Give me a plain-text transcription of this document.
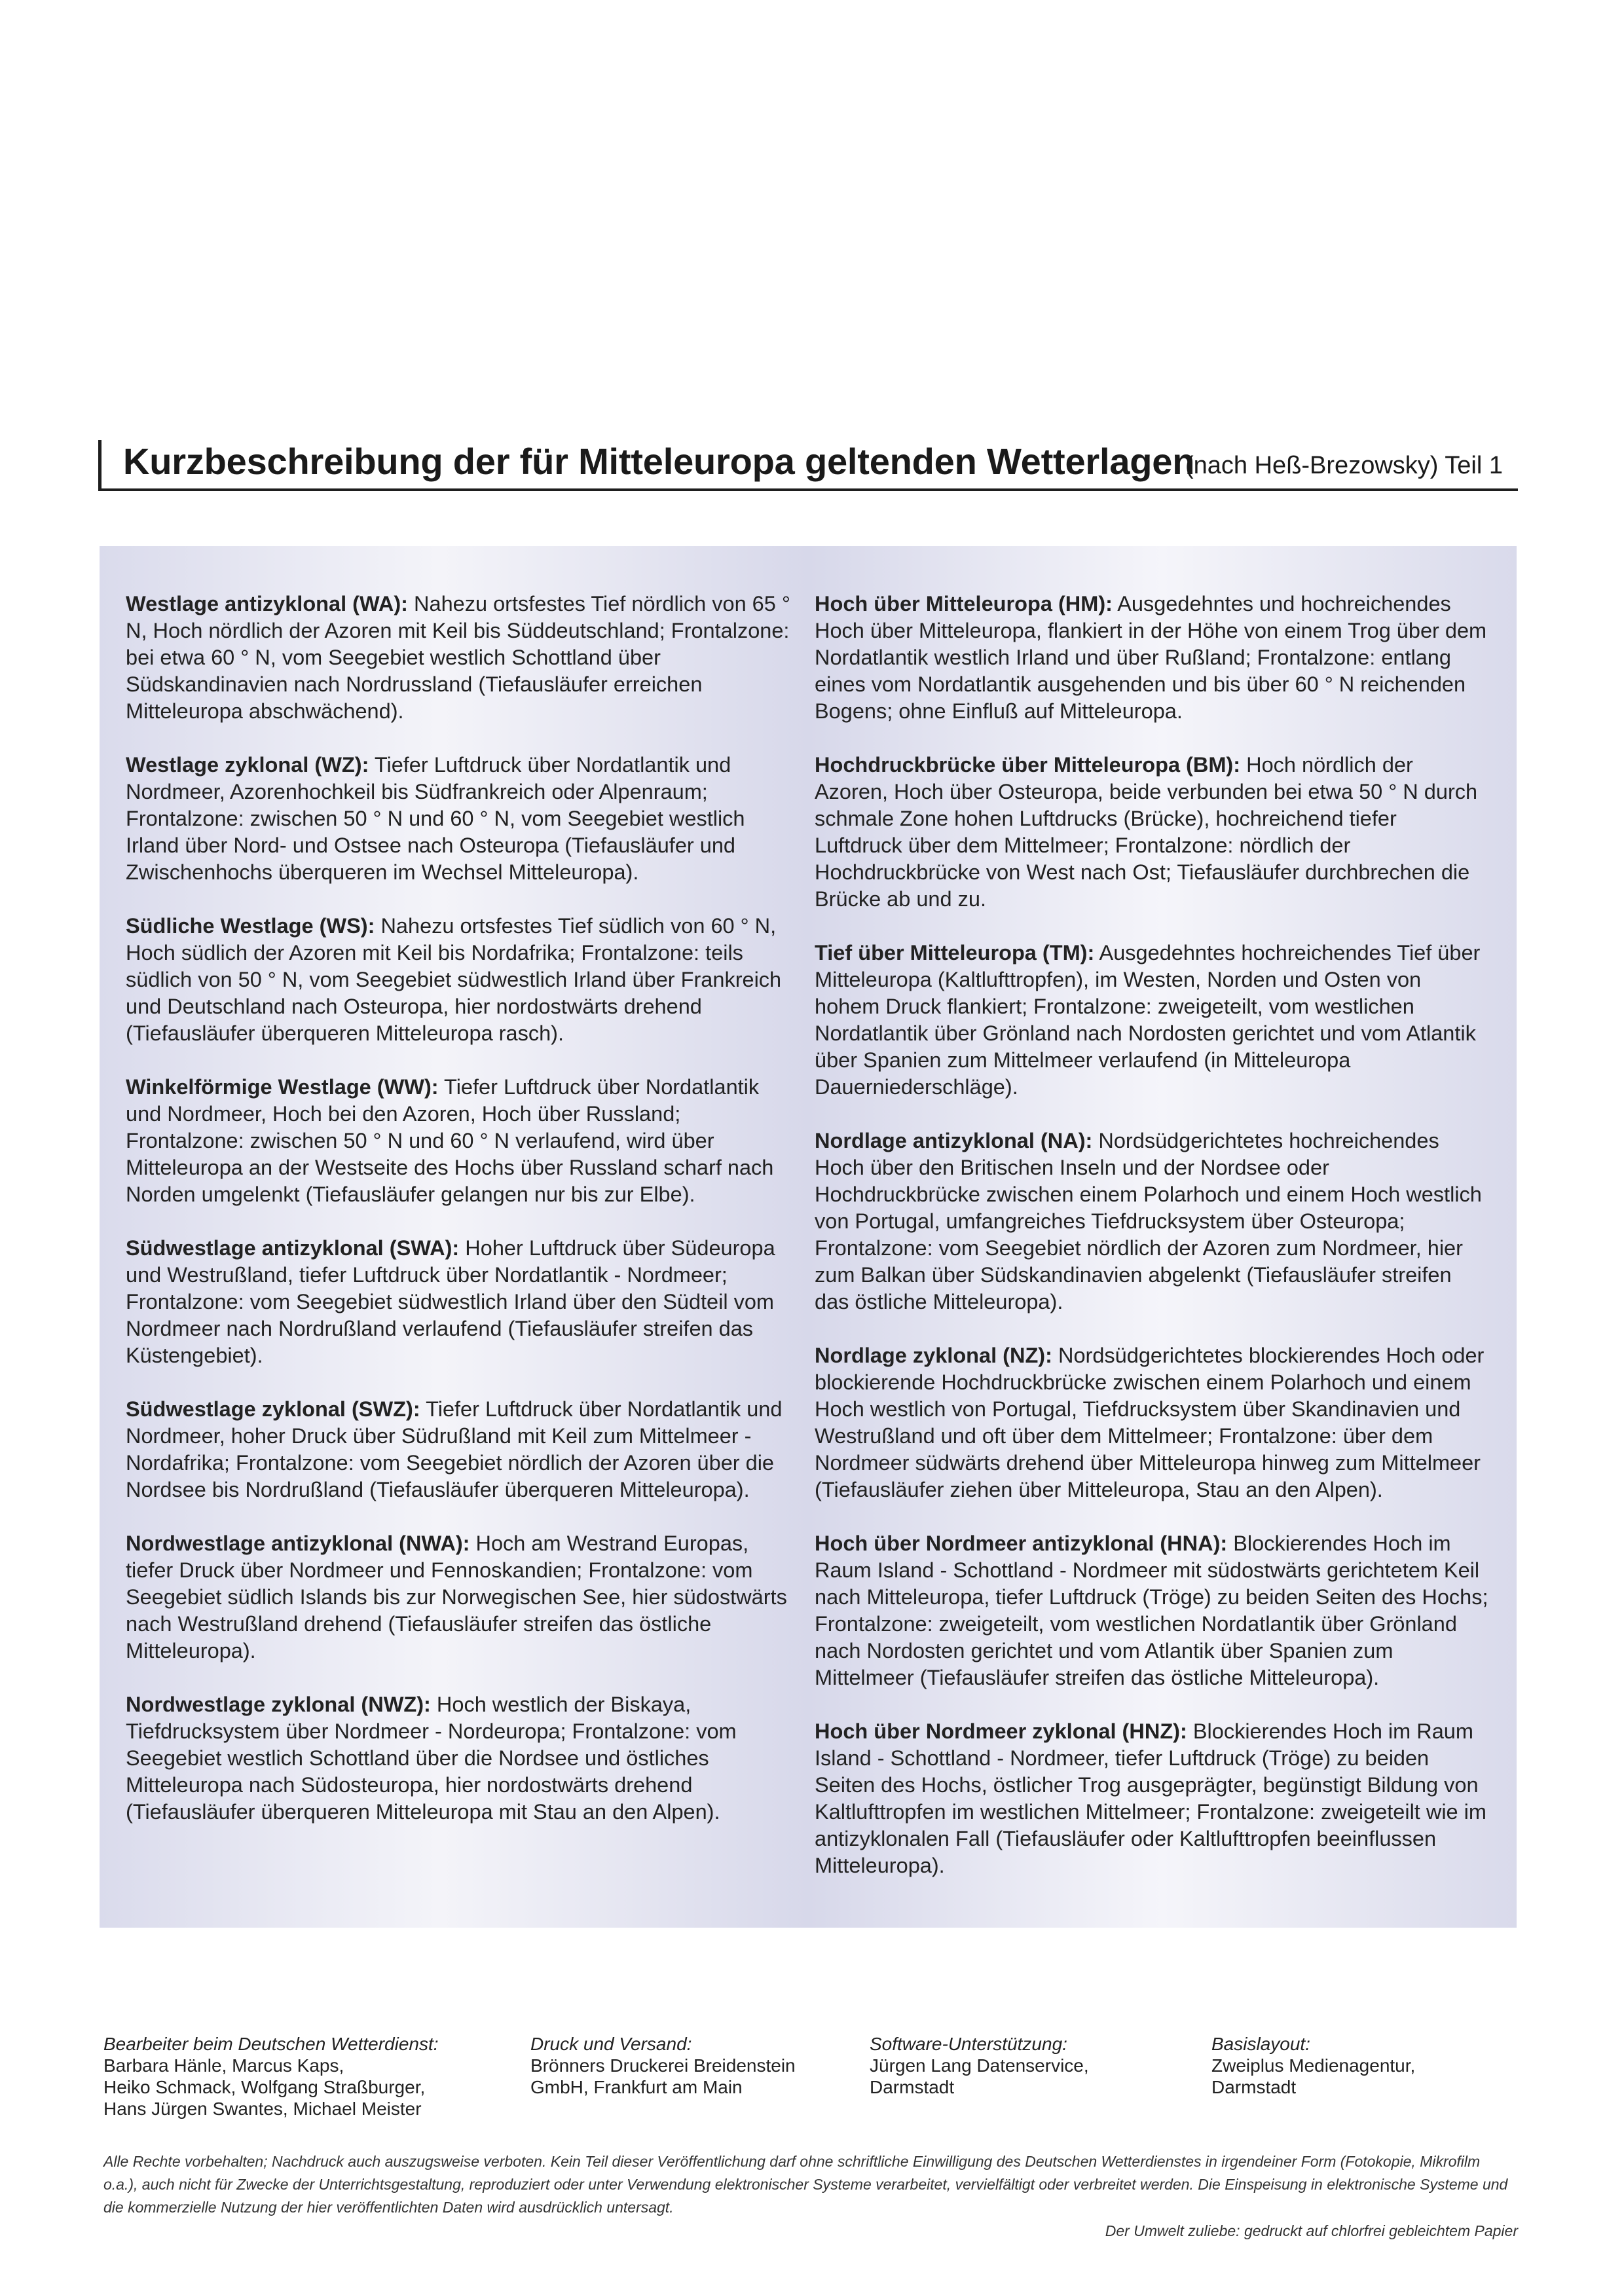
Kurzbeschreibung der für Mitteleuropa geltenden Wetterlagen
(nach Heß-Brezowsky) Teil 1

Westlage antizyklonal (WA): Nahezu ortsfestes Tief nördlich von 65 ° N, Hoch nördlich der Azoren mit Keil bis Süddeutschland; Frontalzone: bei etwa 60 ° N, vom Seegebiet westlich Schottland über Südskandinavien nach Nordrussland (Tiefausläufer erreichen Mitteleuropa abschwächend).

Westlage zyklonal (WZ): Tiefer Luftdruck über Nordatlantik und Nordmeer, Azorenhochkeil bis Südfrankreich oder Alpenraum; Frontalzone: zwischen 50 ° N und 60 ° N, vom Seegebiet westlich Irland über Nord- und Ostsee nach Osteuropa (Tiefausläufer und Zwischenhochs überqueren im Wechsel Mitteleuropa).

Südliche Westlage (WS): Nahezu ortsfestes Tief südlich von 60 ° N, Hoch südlich der Azoren mit Keil bis Nordafrika; Frontalzone: teils südlich von 50 ° N, vom Seegebiet südwestlich Irland über Frankreich und Deutschland nach Osteuropa, hier nordostwärts drehend (Tiefausläufer überqueren Mitteleuropa rasch).

Winkelförmige Westlage (WW): Tiefer Luftdruck über Nordatlantik und Nordmeer, Hoch bei den Azoren, Hoch über Russland; Frontalzone: zwischen 50 ° N und 60 ° N verlaufend, wird über Mitteleuropa an der Westseite des Hochs über Russland scharf nach Norden umgelenkt (Tiefausläufer gelangen nur bis zur Elbe).

Südwestlage antizyklonal (SWA): Hoher Luftdruck über Südeuropa und Westrußland, tiefer Luftdruck über Nordatlantik - Nordmeer; Frontalzone: vom Seegebiet südwestlich Irland über den Südteil vom Nordmeer nach Nordrußland verlaufend (Tiefausläufer streifen das Küstengebiet).

Südwestlage zyklonal (SWZ): Tiefer Luftdruck über Nordatlantik und Nordmeer, hoher Druck über Südrußland mit Keil zum Mittelmeer - Nordafrika; Frontalzone: vom Seegebiet nördlich der Azoren über die Nordsee bis Nordrußland (Tiefausläufer überqueren Mitteleuropa).

Nordwestlage antizyklonal (NWA): Hoch am Westrand Europas, tiefer Druck über Nordmeer und Fennoskandien; Frontalzone: vom Seegebiet südlich Islands bis zur Norwegischen See, hier südostwärts nach Westrußland drehend (Tiefausläufer streifen das östliche Mitteleuropa).

Nordwestlage zyklonal (NWZ): Hoch westlich der Biskaya, Tiefdrucksystem über Nordmeer - Nordeuropa; Frontalzone: vom Seegebiet westlich Schottland über die Nordsee und östliches Mitteleuropa nach Südosteuropa, hier nordostwärts drehend (Tiefausläufer überqueren Mitteleuropa mit Stau an den Alpen).

Hoch über Mitteleuropa (HM): Ausgedehntes und hochreichendes Hoch über Mitteleuropa, flankiert in der Höhe von einem Trog über dem Nordatlantik westlich Irland und über Rußland; Frontalzone: entlang eines vom Nordatlantik ausgehenden und bis über 60 ° N reichenden Bogens; ohne Einfluß auf Mitteleuropa.

Hochdruckbrücke über Mitteleuropa (BM): Hoch nördlich der Azoren, Hoch über Osteuropa, beide verbunden bei etwa 50 ° N durch schmale Zone hohen Luftdrucks (Brücke), hochreichend tiefer Luftdruck über dem Mittelmeer; Frontalzone: nördlich der Hochdruckbrücke von West nach Ost; Tiefausläufer durchbrechen die Brücke ab und zu.

Tief über Mitteleuropa (TM): Ausgedehntes hochreichendes Tief über Mitteleuropa (Kaltlufttropfen), im Westen, Norden und Osten von hohem Druck flankiert; Frontalzone: zweigeteilt, vom westlichen Nordatlantik über Grönland nach Nordosten gerichtet und vom Atlantik über Spanien zum Mittelmeer verlaufend (in Mitteleuropa Dauerniederschläge).

Nordlage antizyklonal (NA): Nordsüdgerichtetes hochreichendes Hoch über den Britischen Inseln und der Nordsee oder Hochdruckbrücke zwischen einem Polarhoch und einem Hoch westlich von Portugal, umfangreiches Tiefdrucksystem über Osteuropa; Frontalzone: vom Seegebiet nördlich der Azoren zum Nordmeer, hier zum Balkan über Südskandinavien abgelenkt (Tiefausläufer streifen das östliche Mitteleuropa).

Nordlage zyklonal (NZ): Nordsüdgerichtetes blockierendes Hoch oder blockierende Hochdruckbrücke zwischen einem Polarhoch und einem Hoch westlich von Portugal, Tiefdrucksystem über Skandinavien und Westrußland und oft über dem Mittelmeer; Frontalzone: über dem Nordmeer südwärts drehend über Mitteleuropa hinweg zum Mittelmeer (Tiefausläufer ziehen über Mitteleuropa, Stau an den Alpen).

Hoch über Nordmeer antizyklonal (HNA): Blockierendes Hoch im Raum Island - Schottland - Nordmeer mit südostwärts gerichtetem Keil nach Mitteleuropa, tiefer Luftdruck (Tröge) zu beiden Seiten des Hochs; Frontalzone: zweigeteilt, vom westlichen Nordatlantik über Grönland nach Nordosten gerichtet und vom Atlantik über Spanien zum Mittelmeer (Tiefausläufer streifen das östliche Mitteleuropa).

Hoch über Nordmeer zyklonal (HNZ): Blockierendes Hoch im Raum Island - Schottland - Nordmeer, tiefer Luftdruck (Tröge) zu beiden Seiten des Hochs, östlicher Trog ausgeprägter, begünstigt Bildung von Kaltlufttropfen im westlichen Mittelmeer; Frontalzone: zweigeteilt wie im antizyklonalen Fall (Tiefausläufer oder Kaltlufttropfen beeinflussen Mitteleuropa).

Bearbeiter beim Deutschen Wetterdienst:
Barbara Hänle, Marcus Kaps,
Heiko Schmack, Wolfgang Straßburger,
Hans Jürgen Swantes, Michael Meister
Druck und Versand:
Brönners Druckerei Breidenstein
GmbH, Frankfurt am Main
Software-Unterstützung:
Jürgen Lang Datenservice,
Darmstadt
Basislayout:
Zweiplus Medienagentur,
Darmstadt
Alle Rechte vorbehalten; Nachdruck auch auszugsweise verboten. Kein Teil dieser Veröffentlichung darf ohne schriftliche Einwilligung des Deutschen Wetterdienstes in irgendeiner Form (Fotokopie, Mikrofilm o.a.), auch nicht für Zwecke der Unterrichtsgestaltung, reproduziert oder unter Verwendung elektronischer Systeme verarbeitet, vervielfältigt oder verbreitet werden. Die Einspeisung in elektronische Systeme und die kommerzielle Nutzung der hier veröffentlichten Daten wird ausdrücklich untersagt.
Der Umwelt zuliebe: gedruckt auf chlorfrei gebleichtem Papier
